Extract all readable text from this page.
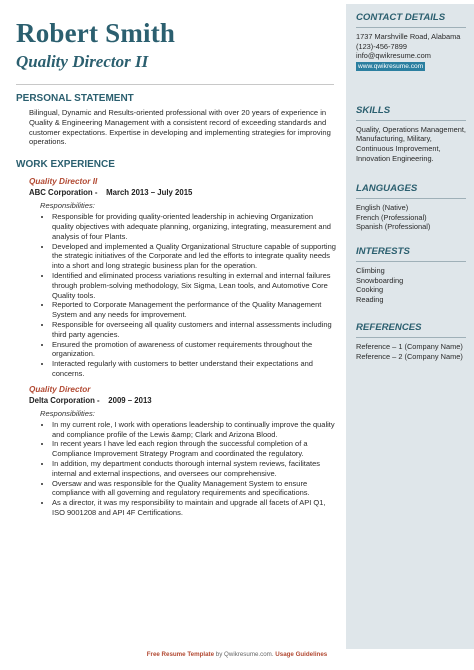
Robert Smith
Quality Director II
PERSONAL STATEMENT

Bilingual, Dynamic and Results-oriented professional with over 20 years of experience in Quality & Engineering Management with a consistent record of exceeding standards and customer expectations. Expertise in developing and implementing strategies for improving operations.

WORK EXPERIENCE
Quality Director II
ABC Corporation - March 2013 – July 2015
Responsibilities:
• Responsible for providing quality-oriented leadership in achieving Organization quality objectives with adequate planning, organizing, integrating, measurement and analysis of four Plants.
• Developed and implemented a Quality Organizational Structure capable of supporting the strategic initiatives of the Corporate and led the efforts to integrate quality needs into a short and long strategic business plan for the operation.
• Identified and eliminated process variations resulting in external and internal failures through problem-solving methodology, Six Sigma, Lean tools, and Automotive Core Quality tools.
• Reported to Corporate Management the performance of the Quality Management System and any needs for improvement.
• Responsible for overseeing all quality customers and internal assessments including third party agencies.
• Ensured the promotion of awareness of customer requirements throughout the organization.
• Interacted regularly with customers to better understand their expectations and concerns.
Quality Director
Delta Corporation - 2009 – 2013
Responsibilities:
• In my current role, I work with operations leadership to continually improve the quality and compliance profile of the Lewis &amp; Clark and Arizona Blood.
• In recent years I have led each region through the successful completion of a Compliance Improvement Strategy Program and coordinated the regulatory.
• In addition, my department conducts thorough internal system reviews, facilitates internal and external inspections, and oversees our comprehensive.
• Oversaw and was responsible for the Quality Management System to ensure compliance with all governing and regulatory requirements and specifications.
• As a director, it was my responsibility to maintain and upgrade all facets of API Q1, ISO 9001208 and API 4F Certifications.
CONTACT DETAILS

1737 Marshville Road, Alabama

(123)-456-7899

info@qwikresume.com

www.qwikresume.com

SKILLS

Quality, Operations Management, Manufacturing, Military, Continuous Improvement, Innovation Engineering.

LANGUAGES

English (Native)

French (Professional)

Spanish (Professional)

INTERESTS

Climbing

Snowboarding

Cooking

Reading

REFERENCES

Reference – 1 (Company Name)

Reference – 2 (Company Name)

Free Resume Template by Qwikresume.com. Usage Guidelines
